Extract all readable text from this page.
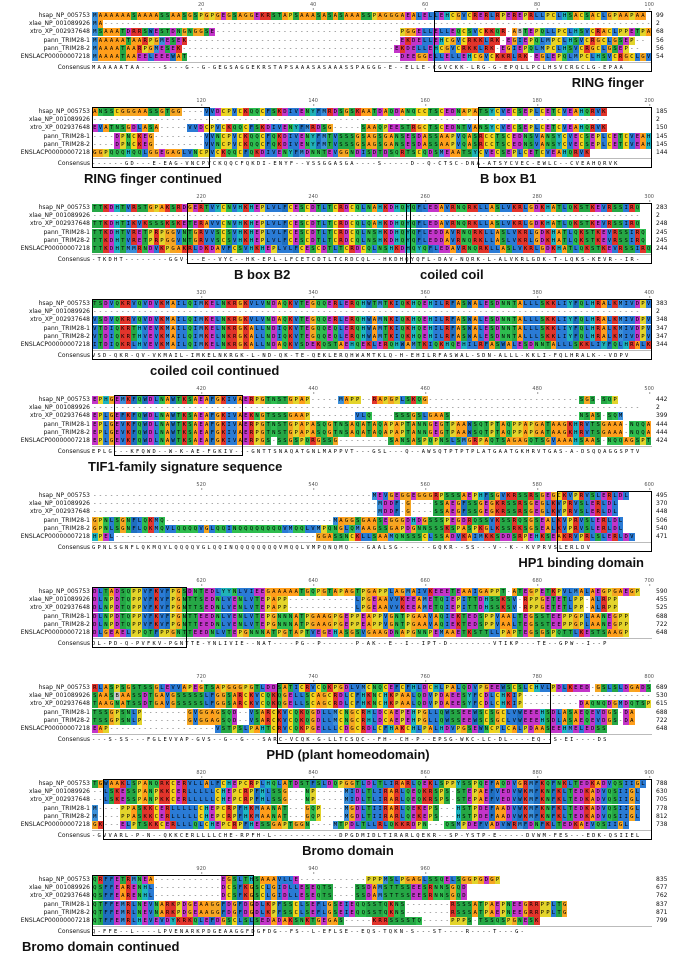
20	40	60	80	100
hsap_NP_005753 M A A A A A A S A A A A S S A A S G S P G P G E G S A G G E K R S T A P S A A A S A S A S A A A S S P A G G G A E A L E L L E H C G V C R E R L R P E R E P R L L P C L H S A C S A C L G P A A P A A	99
xlae_NP_001089926 M A - - - - - - - - - - - - - - - - - - - - - - - - - - - - - - - - - - - - - - - - - - - - - - - - - - - - - - - - - - - - - - - - - - - - - - - - - - - - - - - - - - - - - - - - - - - - - - - - - - 2
xtro_XP_002937648 M S A A A T D R R S W E S T D N G N G G S E - - - - - - - - - - - - - - - - - - - - - - - - - - - - - - - - - P G G E L L E L L E Q C S V C K K Q R - A B T E P Q L L P C L H S V C R A C L P P E T P A 68
pann_TRIM28-1 M A A A A A T A A R P G M E S E K - - - - - - - - - - - - - - - - - - - - - - - - - - - - - - - - - - - - - - E K D E L L E H C G V C R K K L R K - E G I E P Q L M P C L H S V C R G C L G S E P - -	56
pann_TRIM28-2 M A A A A T A A R P G M E S E K - - - - - - - - - - - - - - - - - - - - - - - - - - - - - - - - - - - - - - E K D E L L E H C G V C R K K L R K - E G I E P Q L M P C L H S V C R G C L G S E P - -	56
ENSLACP00000007218 M A A A A T A A E E L E E E W A T - - - - - - - - - - - - - - - - - - - - - - - - - - - - - - - - - - - - - - D E E G G E L L E L L E H C G V C K K R L R K - E G L E P Q L M P C L H S V C R G C L G V 54
Consensus MAAAAATAA----S---G--G-GEGSAGGEKRSTAPSAAASASAAASSPAGGG-E--ELLE-CGVCKK-LRG-G-EPQLLPCLHSVCRGCLG-EPAA
RING finger
120	140	160	180	200
hsap_NP_005753 A N S S C G G G A A S S G T G G - - - - V V D C P V C K Q Q C F S K D I V E N Y F M R D S G S K A A T D A Q D A N Q C C T S C E D N A P A T S Y C V E C S E P L C E T C V E A H Q R V K	185
xlae_NP_001089926 - - - - - - - - - - - - - - - - - - - - - - - - - - - - - - - - - - - - - - - - - - - - - - - - - - - - - - - - - - - - - - - - - - - - - - - - - - - - - - - - - - - - - - - - - - - -	2
xtro_XP_002937648 E V A T N S G D L A S A - - - - - V V D C P V C K Q Q C F S K D I V E N Y F M R D S G - - - - - S A A Q P E E S T R G C T S C E D N T V A N S Y C V E C S E P L C E T C V E A H Q R V K	150
pann_TRIM28-1 - - - - D P N C K E G - - - - - - - - - V V N C P V C K Q Q C F Q K D I V E N Y F M T V S S S G S A G S G A N S E S D A S S A A P V Q A S R C C T S C E D N S V A N S Y C V E C S E P L C E T C V E A H 145
pann_TRIM28-2 - - - - D P N C K E G - - - - - - - - - V V N C P V C K Q Q C F Q K D I V E N Y F M T V S S S G S A G S G A N S E S D A S S A A P V Q A S R C C T S C E D N S V A N S Y C V E C S E P L C E T C V E A H 145
ENSLACP00000007218 G G P Q Q Q H Q Q L G G E G A G L V N C P V C K Q Q C F Q K D I V E N Y F M D N N T E V G G N D I S D T D S Q R T S C Q D S M E A A T S Y C V E C S E P L C E T C V E A H Q R V K	144
Consensus ------GD---E-EAG-VNCPVCKQQCFQKDI-ENYF--VSSGGASGA----S-----D--Q-CTSC-DNA-ATSYCVEC-EWLC--CVEAHQRVK
RING finger continued	B box B1
220	240	260	280	300
hsap_NP_005753 T T K D H T V R S T G P A K S R D G E R T V Y C N V H K H E P L V L F C E S C D T L T C R D C Q L N A H K D H Q Y Q F L E D A V R N Q R K L L A S L V K R L G D K H A T L Q K S T K E V R S S I R Q	283
xlae_NP_001089926 - - - - - - - - - - - - - - - - - - - - - - - - - - - - - - - - - - - - - - - - - - - - - - - - - - - - - - - - - - - - - - - - - - - - - - - - - - - - - - - - - - - - - - - - - - - - - - - - - -	2
xtro_XP_002937648 T T K D H T I K V K S S S K S K E T E R A V V C N V H K H E P L V L F C E S C D T L T C R D C Q L Q A H K D H Q Y Q F L E D A V R N Q R K L L A S L V K R L G D K H A T L Q K S T K E V R S S I R Q	248
pann_TRIM28-1 T T K D H T V R E T P R P G G V N T G R V V S C S V H K H E P L V L F C E S C D T L T C R D C Q L N S H K D H Q Y Q F L E D D A V R N Q R K L L A S L V K R L G D K H A T L Q K S T K E V R S S I R Q	245
pann_TRIM28-2 T T K D H T V R E T P R P G G V N T G R V V S C S V H K H E P L V L F C E S C D T L T C R D C Q L N S H K D H Q Y Q F L E D D A V R N Q R K L L A S L V K R L G D K H A T L Q K S T K E V R S S I R Q	245
ENSLACP00000007218 T T K D H T M M R N D V K P G A K R L D K D A V F C S V H K H E P L V L F C E S C D T L T C R D C Q L N S H K D H Q Y Q F L E D A V R N Q R K L L A S L V K R L G D K H A T L Q K S T K E V R S S I R Q 244
Consensus -TKDHT--------GGV---E--VYC--HK-EPL-LFCETCDTLTCRDCQL--HKDHQYQFL-DAV-NQRK-L-ALVKRLGDK-T-LQKS-KEVR--IR-
B box B2	coiled coil
320	340	360	380	400
hsap_NP_005753 T S D V Q K R V Q V D V K M A I L Q I M K E L N K R G K V L V N D A Q K V T E G Q Q E R L E R Q H W T M T K I Q K H Q E H I L R F A S W A L E S D N N T A L L L S K K L I Y F Q L H R A L K M I V D P V 383
xlae_NP_001089926 - - - - - - - - - - - - - - - - - - - - - - - - - - - - - - - - - - - - - - - - - - - - - - - - - - - - - - - - - - - - - - - - - - - - - - - - - - - - - - - - - - - - - - - - - - - - - - - - - -	2
xtro_XP_002937648 V S D V Q K R V Q V D V K M A I L Q I M K E L N K R G K V L V N D A Q K V T E G Q Q E R L E R Q H W A M N K I Q K H Q E H I L R F A S W A L E S D N N T A L L L S K K L I Y F Q L H R A L K M I V D P V 348
pann_TRIM28-1 V T D I Q K R T H V E V K M A I L Q I M K E L N K R G K A L L N D I Q K V T E G Q Q E Q L E R Q H W A M T K I Q K H Q E H I L R F A S W A L E S D N N T A L L L S K K L I Y F Q L H R A L K M I V D P V 347
pann_TRIM28-2 V T D I Q K R T H V E V K M A I L Q I M K E L N K R G K A L L N D I Q K V T E G Q Q E Q L E R Q H W A M T K I Q K H Q E H I L R F A S W A L E S D N N T A L L L S K K L I Y F Q L H R A L K M I V D P V 347
ENSLACP00000007218 I T D I Q K R L H V E V K M A I L Q I M K E L N K R G K A L L N D A Q K V S D E K Q S T A E H Q E K L E R Q H W A M T K I Q K H Q E H I L R F A S W A L E S D N N T A L L L S K K L I Y F Q L H R A L K 344
Consensus VSD-QKR-QV-VKMAIL-IMKELNKRGK-L-ND-QK-TE-QEKLERQHWAMTKLQ-H-EHILRFASWAL-SDN-ALLL-KKLI-FQLHRALK--VDPV
coiled coil continued
420	440	460	480	500
hsap_NP_005753 E P H G E M K F Q W D L N A W T K S A E A F G K I V A E R P G T N S T G P A P - - - - - M A P P - - R A P G P L S K Q G - - - - - - - - - - - - - - - - - - - - - - - - - - - S G S - S Q P	442
xlae_NP_001089926 - - - - - - - - - - - - - - - - - - - - - - - - - - - - - - - - - - - - - - - - - - - - - - - - - - - - - - - - - - - - - - - - - - - - - - - - - - - - - - - - - - - - - - - - - - - - - - - - - -	2
xtro_XP_002937648 E P L G E F K F Q W D L N A W T K S A E A F G K I V A E K N G T S S S G A A P - - - - - - - - V L Q - - - - S S S G S L G A A S - - - - - - - - - - - - - - - - - - - - - - - N S A S - S Q M	399
pann_TRIM28-1 E P L G E V K F Q W D L N A W T K S A E A F G K I V A E R P G T N S T G P A P A S Q G T N S A Q A T A Q A P A P T A N N G E G T P A A W S Q T P T A Q P P A P G A T A A G K H R V T S G A A A - N Q Q A 444
pann_TRIM28-2 E P L G E V K F Q W D L N A W T K S A E A F G K I V A E R P G T N S T G P A P A S Q G T N S A Q A T A Q A P A P T A N N G E G T P A A W S Q T P T A Q P P A P G A T A A G K H R V T S G A A A - N Q Q A 444
ENSLACP00000007218 E P L G E V K F Q W D L N A W T K S A E A F G K I V A E R P G S - S S G S P Q R G S S G - - - - - - - - - S A N S A S P Q P N S L S M G R P A Q T S A G A G Q T S G V A A A H S A A S - N Q Q A G S P T 424
Consensus EPLG---KFQWD--W-K-AE-FGKIV---GNTTSNAQATGNLMAPPVT---GSL---Q--AWSQTPTPTPLATGAATGKHRVTGAS-A-DSQQAGGSPTV
TIF1-family signature sequence
520	540	560	580	600
hsap_NP_005753 - - - - - - - - - - - - - - - - - - - - - - - - - - - - - - - - - - - - - - - - - - - - - - - - - - M E V G E G G E G G G R P S S S A E P H F S G V K R S S R S G E G C K V P R V S L E R L D L	495
xlae_NP_001089926 - - - - - - - - - - - - - - - - - - - - - - - - - - - - - - - - - - - - - - - - - - - - - - - - - - - M D D F - G - - - - S S A E G F S S G E G K R S S R S G E G L K V P R V S L E R L D L	370
xtro_XP_002937648 - - - - - - - - - - - - - - - - - - - - - - - - - - - - - - - - - - - - - - - - - - - - - - - - - - - M D D F - G - - - - S S A E G F S S G E G K R S S R S G E G L K V P R V S L E R L D L	448
pann_TRIM28-1 G P N L S G N F L Q K M Q - - - - - - - - - - - - - - - - - - - - - - - - - - - - - - M A G G S G A A S E G G G D H D G S S S P E G D R Q S S V K S S R Q S G S E A L K V P R V S L E R L D L	506
pann_TRIM28-2 G P N L S G N F L Q K M Q V L Q Q Q Q V G L Q Q I N Q Q Q Q Q Q Q Q V M Q Q L V M P Q N G L Q M A A G S S G A P D G N N S S S K S P A S P K G L K S S R K S G S E A L K V P R V S L E R L D L	540
ENSLACP00000007218 H P E L - - - - - - - - - - - - - - - - - - - - - - - - - - - - - - - - - - - - G G A S S N C K L L S A A M Q N S S S C L S S A D V K A I M K K S D D S R P E H K S E A K R V P R L S L E R L D V	471
Consensus GPNLSGNFLQKMQVLQQQQVGLQQINQQQQQQQQVMQQLVMPQNQMQ---GAALSG------GQKR--SS---V--K--KVPRVSLERLDV
HP1 binding domain
620	640	660	680	700
hsap_NP_005753 D L T A D S Q P P V F K V F P G S D N T E D L Y Y N L V I E E G A A A A A T G Q P G T A P A G T P G A P P L A G M A I V K E E E T E A A I G A P P T - A T E G P E T K P V L M A L A E G P G A E G P	590
xlae_NP_001089926 D L N P D T Q P P V F K V F P G N T T S E D N L V E N L V T E P A P P - - - - - - - - - - - - L P G E A A V V K E E A M E T Q I E P I T T D H S S K S V - R P P G E T E T L P P - A L R P P	455
xtro_XP_002937648 D L N P D T Q P P V F K V F P G N T T S E D N L V E N L V T E P A P P - - - - - - - - - - - - L P G E A A V V K E E A M E T Q I E P I T T D H S S K S V - R P P G E T E T L P P - A L R P P	525
pann_TRIM28-1 D L N P D T Q P P V F K V F P G N T T E E D N L V E N L V T E P G N N N A T P G A A G P G E P P E A P P V G N T P G A A V A Q I E K T E D S P P V A A L T E G S S T E E P P G P L A A N E G P P	688
pann_TRIM28-2 D L N P D T Q P P V F K V F P G N T T E E D N L V E N L V T E P G N N N A T P G A A G P G E P P E A P P V G N T P G A A V A Q I E K T E D S P P V A A L T E G S S T E E P P G P L A A N E G P P	722
ENSLACP00000007218 D L G E A E L P P Q T F P P G N T T E E D N L V T E P G N N N A T P G T A P T V E G E H A S G S V G A A G D N A P G N N P E M A A E T K S T T L L P A P T E G S G S P Q T T L K E S T S A A G P	648
Consensus DL-PD-Q-PVFKV-PGNTTE-YNLIVIE--NAT----PG--P------P-AK--E--I--IPT-D--------VTIKP---TE--GPW--I--P
720	740	760	780	800
hsap_NP_005753 R L A S P S G S T S S G L E V V A P E G T S A P G G G P G T L D D S A T I C R V C Q K P G D L V M C N Q C E F C F H L D C H L P A L Q D V P G E E W S C S L C H V L P D L K E E D - G S L S L D G A D S 689
xlae_NP_001089926 S A A S B A A S S D T G A V G S S S S S L F G G S A R C K V C Q K Q G E L L S C A G C R D L C F H K N C H K P A A L Q D V P D A E E S Y F C D L C H K I P - - - - - - - - - - - - - - - - - - - - - - - 530
xtro_XP_002937648 T A A G N A T S S D T G A V G S S S S S L F G G S A R C K V C Q K Q G E L L S C A G C R D L C F H K N C H K P A A L Q D V P D A E E S Y F C D L C H K I P - - - - - - - - - - D A Q N Q D G M D Q T S P 615
pann_TRIM28-1 T S S G P S N L P - - - - - - - - G V G G A G S Q D - - V S A R C K V C Q K Q G D L L M C N G C R H L D C A E P E H P G L L Q W S S E E W S C S G C L V W E E E H S D L A S A E Q E V D G S - D A	688
pann_TRIM28-2 T S S G P S N L P - - - - - - - - G V G G A G S Q D - - V S A R C K V C Q K Q G D L L M C N G C R H L D C A E P E H P G L L Q W S S E E W S C S G C L V W E E E H S D L A S A E Q E V D G S - D A	722
ENSLACP00000007218 E A P - - - - - - - - - - - - - - - - - - - V S T P S L P A H T C R V C Q K P G E L L L C D G C R D L C F H A K C H L P A L H D V P G S E W N C P L C A L P D A A S E E H M E L E D S S	648
Consensus ---S-SS---FGLEVVAP-GVS--G--G---SARC-VCQK-G-LLTCSQC--FH--CH-P--EPSG-WKC-LC-DL----EQ--S-EI----DS
PHD (plant homeodomain)
820	840	860	880	900
hsap_NP_005753 T G W A A K L S P A N Q R K C E R V L L A L F C H E P C R P L H Q L A T D S T F S L D Q P G G T L D L T L I R A R L Q E K L S P P Y S S P Q E F A Q D V G R M F K Q F N K L T E D K A D V Q S I I G L	788
xlae_NP_001089926 - - L S K E S S P A N P K K C E R L L L L L C H E P C R P F H L S S G - - - N P - - - - - M I D L T L I R A R L Q E Q K R S P S - S T E P A E F V E D V W K M F K N F K L T E D K A D V Q S I I G L	630
xtro_XP_002937648 - - L S K E S S P A N P K K C E R L L L L L C H E P C R P F H L S S G - - - N P - - - - - M I D L T L I R A R L Q E Q K R S P S - S T E P A E F V E D V W K M F K N F K L T E D K A D V Q S I I G L	705
pann_TRIM28-1 M - - - - P P A S K K C E R L L L L L C H E P C R P F H K M A A N A T - - - G Q P - - - - M G D L T I I R A R L Q E K E P S - - - H S T P D E F A A D V W K M F K N F K L T E D K A D V Q S I I G L	778
pann_TRIM28-2 M - - - - P P A S K K C E R L L L L L C H E P C R P F H K M A A N A T - - - G Q P - - - - M G D L T I I R A R L Q E K E P S - - - H S T P D E F A A D V W K M F K N F K L T E D K A D V Q S I I G L	812
ENSLACP00000007218 G K - - - E L P T S K K C E R L L L Q L C H E P C R P F H E S S G A P T G G N - - - - M T P D L T L L R L Q K K R D P N - - - Q S M P D E F V A D V W R M F D N F K L T E D K A E V Q S I I G L	738
Consensus -GVVARL-P-N--QKKCERLLLLCHE-RPFH-L------------DPGDMIDLTIRARLQEKR--SP-YSTP-E-----DVWM-FES---EDK-QSIIEL
Bromo domain
920	940	960
hsap_NP_005753 Q R F F E T R M N E A - - - - - - - - - - - - E G S L T H S A A A V L L E - - - - - - - - - - - - P P P M S L P G A G L S S Q E L S G G P G D G P	835
xlae_NP_001089926 Q S F F E A R E N H L - - - - - - - - - - - - D C S F K G S C L G I D L L E S E Q T S - - - - S S D A M S T T S S E E S R N N S G Q D	677
xtro_XP_002937648 Q S F F E A R E N H L - - - - - - - - - - - - D C S F K G S C L G I D L L E S E Q T S - - - - S S D A M S T T S S E E S R N N S G Q D	762
pann_TRIM28-1 Q T F F E M R L N E V N A R K P D G E A A G G F D G F D G D L K P F S S C L S E F L G S E I E Q Q S S T Q K N S - - - - - - - - R S S S A T P A E P N E E G R R P P L T G	837
pann_TRIM28-2 Q T F F E M R L N E V N A R K P D G E A A G G F D G F D G D L K P F S S C L S E F L G S E I E Q Q S S T Q K N S - - - - - - - - R S S S A T P A E P N E E G R R P P L T G	871
ENSLACP00000007218 Q T F F E M R L H E V E V D Y K R K Q L E F D G S C L S L S E D A D A K S N K T G E G A S - - - - - K R R S S S S T Q - - - - - P P P S - T S S Q S P G N E S K	799
Consensus Q-FFE--L----LPVENARKPDGEAAGGFDGFDG--FS--L-EFLSE--EQS-TQKN-S---ST----R----T---G-
Bromo domain continued
